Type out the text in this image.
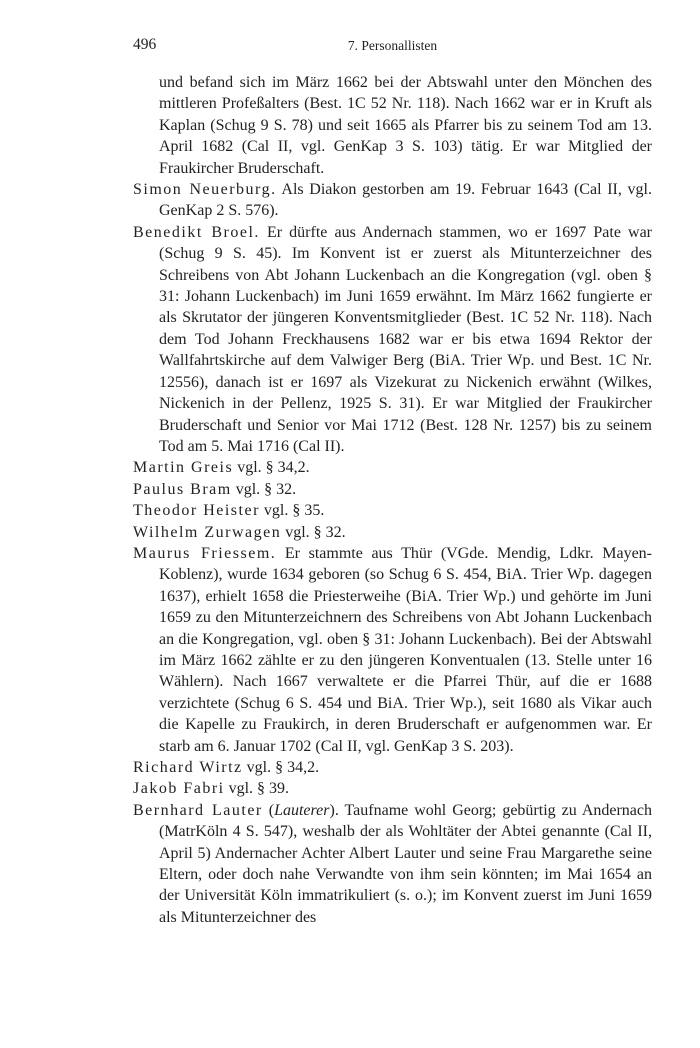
496	7. Personallisten

und befand sich im März 1662 bei der Abtswahl unter den Mönchen des mittleren Profeßalters (Best. 1C 52 Nr. 118). Nach 1662 war er in Kruft als Kaplan (Schug 9 S. 78) und seit 1665 als Pfarrer bis zu seinem Tod am 13. April 1682 (Cal II, vgl. GenKap 3 S. 103) tätig. Er war Mitglied der Fraukircher Bruderschaft.

Simon Neuerburg. Als Diakon gestorben am 19. Februar 1643 (Cal II, vgl. GenKap 2 S. 576).

Benedikt Broel. Er dürfte aus Andernach stammen, wo er 1697 Pate war (Schug 9 S. 45). Im Konvent ist er zuerst als Mitunterzeichner des Schreibens von Abt Johann Luckenbach an die Kongregation (vgl. oben § 31: Johann Luckenbach) im Juni 1659 erwähnt. Im März 1662 fungierte er als Skrutator der jüngeren Konventsmitglieder (Best. 1C 52 Nr. 118). Nach dem Tod Johann Freckhausens 1682 war er bis etwa 1694 Rektor der Wallfahrtskirche auf dem Valwiger Berg (BiA. Trier Wp. und Best. 1C Nr. 12556), danach ist er 1697 als Vizekurat zu Nickenich erwähnt (Wilkes, Nickenich in der Pellenz, 1925 S. 31). Er war Mitglied der Fraukircher Bruderschaft und Senior vor Mai 1712 (Best. 128 Nr. 1257) bis zu seinem Tod am 5. Mai 1716 (Cal II).

Martin Greis vgl. § 34,2.

Paulus Bram vgl. § 32.

Theodor Heister vgl. § 35.

Wilhelm Zurwagen vgl. § 32.

Maurus Friessem. Er stammte aus Thür (VGde. Mendig, Ldkr. Mayen-Koblenz), wurde 1634 geboren (so Schug 6 S. 454, BiA. Trier Wp. dagegen 1637), erhielt 1658 die Priesterweihe (BiA. Trier Wp.) und gehörte im Juni 1659 zu den Mitunterzeichnern des Schreibens von Abt Johann Luckenbach an die Kongregation, vgl. oben § 31: Johann Luckenbach). Bei der Abtswahl im März 1662 zählte er zu den jüngeren Konventualen (13. Stelle unter 16 Wählern). Nach 1667 verwaltete er die Pfarrei Thür, auf die er 1688 verzichtete (Schug 6 S. 454 und BiA. Trier Wp.), seit 1680 als Vikar auch die Kapelle zu Fraukirch, in deren Bruderschaft er aufgenommen war. Er starb am 6. Januar 1702 (Cal II, vgl. GenKap 3 S. 203).

Richard Wirtz vgl. § 34,2.

Jakob Fabri vgl. § 39.

Bernhard Lauter (Lauterer). Taufname wohl Georg; gebürtig zu Andernach (MatrKöln 4 S. 547), weshalb der als Wohltäter der Abtei genannte (Cal II, April 5) Andernacher Achter Albert Lauter und seine Frau Margarethe seine Eltern, oder doch nahe Verwandte von ihm sein könnten; im Mai 1654 an der Universität Köln immatrikuliert (s. o.); im Konvent zuerst im Juni 1659 als Mitunterzeichner des
